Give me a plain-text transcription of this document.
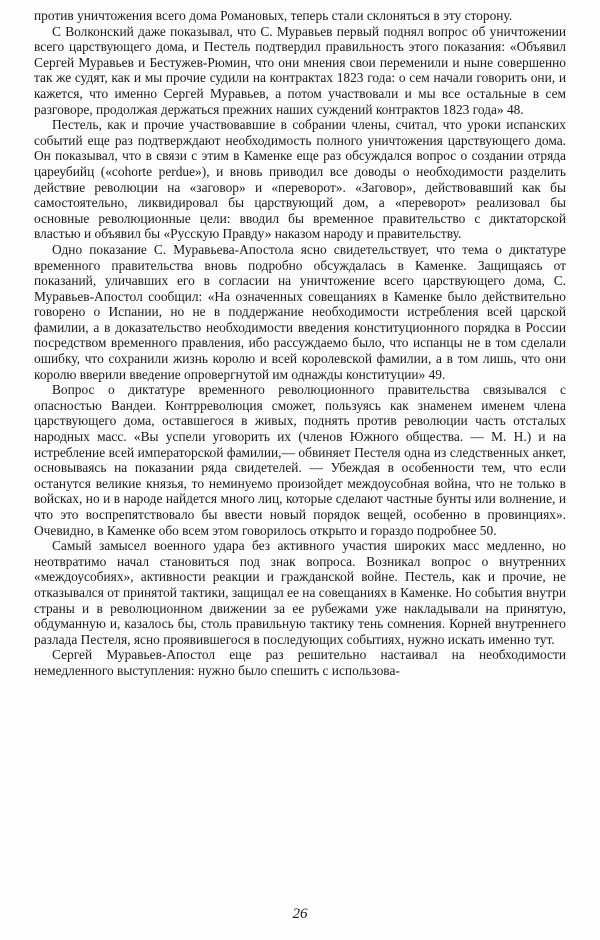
против уничтожения всего дома Романовых, теперь стали склоняться в эту сторону.

С Волконский даже показывал, что С. Муравьев первый поднял вопрос об уничтожении всего царствующего дома, и Пестель подтвердил правильность этого показания: «Объявил Сергей Муравьев и Бестужев-Рюмин, что они мнения свои переменили и ныне совершенно так же судят, как и мы прочие судили на контрактах 1823 года: о сем начали говорить они, и кажется, что именно Сергей Муравьев, а потом участвовали и мы все остальные в сем разговоре, продолжая держаться прежних наших суждений контрактов 1823 года» 48.

Пестель, как и прочие участвовавшие в собрании члены, считал, что уроки испанских событий еще раз подтверждают необходимость полного уничтожения царствующего дома. Он показывал, что в связи с этим в Каменке еще раз обсуждался вопрос о создании отряда цареубийц («cohorte perdue»), и вновь приводил все доводы о необходимости разделить действие революции на «заговор» и «переворот». «Заговор», действовавший как бы самостоятельно, ликвидировал бы царствующий дом, а «переворот» реализовал бы основные революционные цели: вводил бы временное правительство с диктаторской властью и объявил бы «Русскую Правду» наказом народу и правительству.

Одно показание С. Муравьева-Апостола ясно свидетельствует, что тема о диктатуре временного правительства вновь подробно обсуждалась в Каменке. Защищаясь от показаний, уличавших его в согласии на уничтожение всего царствующего дома, С. Муравьев-Апостол сообщил: «На означенных совещаниях в Каменке было действительно говорено о Испании, но не в поддержание необходимости истребления всей царской фамилии, а в доказательство необходимости введения конституционного порядка в России посредством временного правления, ибо рассуждаемо было, что испанцы не в том сделали ошибку, что сохранили жизнь королю и всей королевской фамилии, а в том лишь, что они королю вверили введение опровергнутой им однажды конституции» 49.

Вопрос о диктатуре временного революционного правительства связывался с опасностью Вандеи. Контрреволюция сможет, пользуясь как знаменем именем члена царствующего дома, оставшегося в живых, поднять против революции часть отсталых народных масс. «Вы успели уговорить их (членов Южного общества. — М. Н.) и на истребление всей императорской фамилии,— обвиняет Пестеля одна из следственных анкет, основываясь на показании ряда свидетелей. — Убеждая в особенности тем, что если останутся великие князья, то неминуемо произойдет междоусобная война, что не только в войсках, но и в народе найдется много лиц, которые сделают частные бунты или волнение, и что это воспрепятствовало бы ввести новый порядок вещей, особенно в провинциях». Очевидно, в Каменке обо всем этом говорилось открыто и гораздо подробнее 50.

Самый замысел военного удара без активного участия широких масс медленно, но неотвратимо начал становиться под знак вопроса. Возникал вопрос о внутренних «междоусобиях», активности реакции и гражданской войне. Пестель, как и прочие, не отказывался от принятой тактики, защищал ее на совещаниях в Каменке. Но события внутри страны и в революционном движении за ее рубежами уже накладывали на принятую, обдуманную и, казалось бы, столь правильную тактику тень сомнения. Корней внутреннего разлада Пестеля, ясно проявившегося в последующих событиях, нужно искать именно тут.

Сергей Муравьев-Апостол еще раз решительно настаивал на необходимости немедленного выступления: нужно было спешить с использова-

26
